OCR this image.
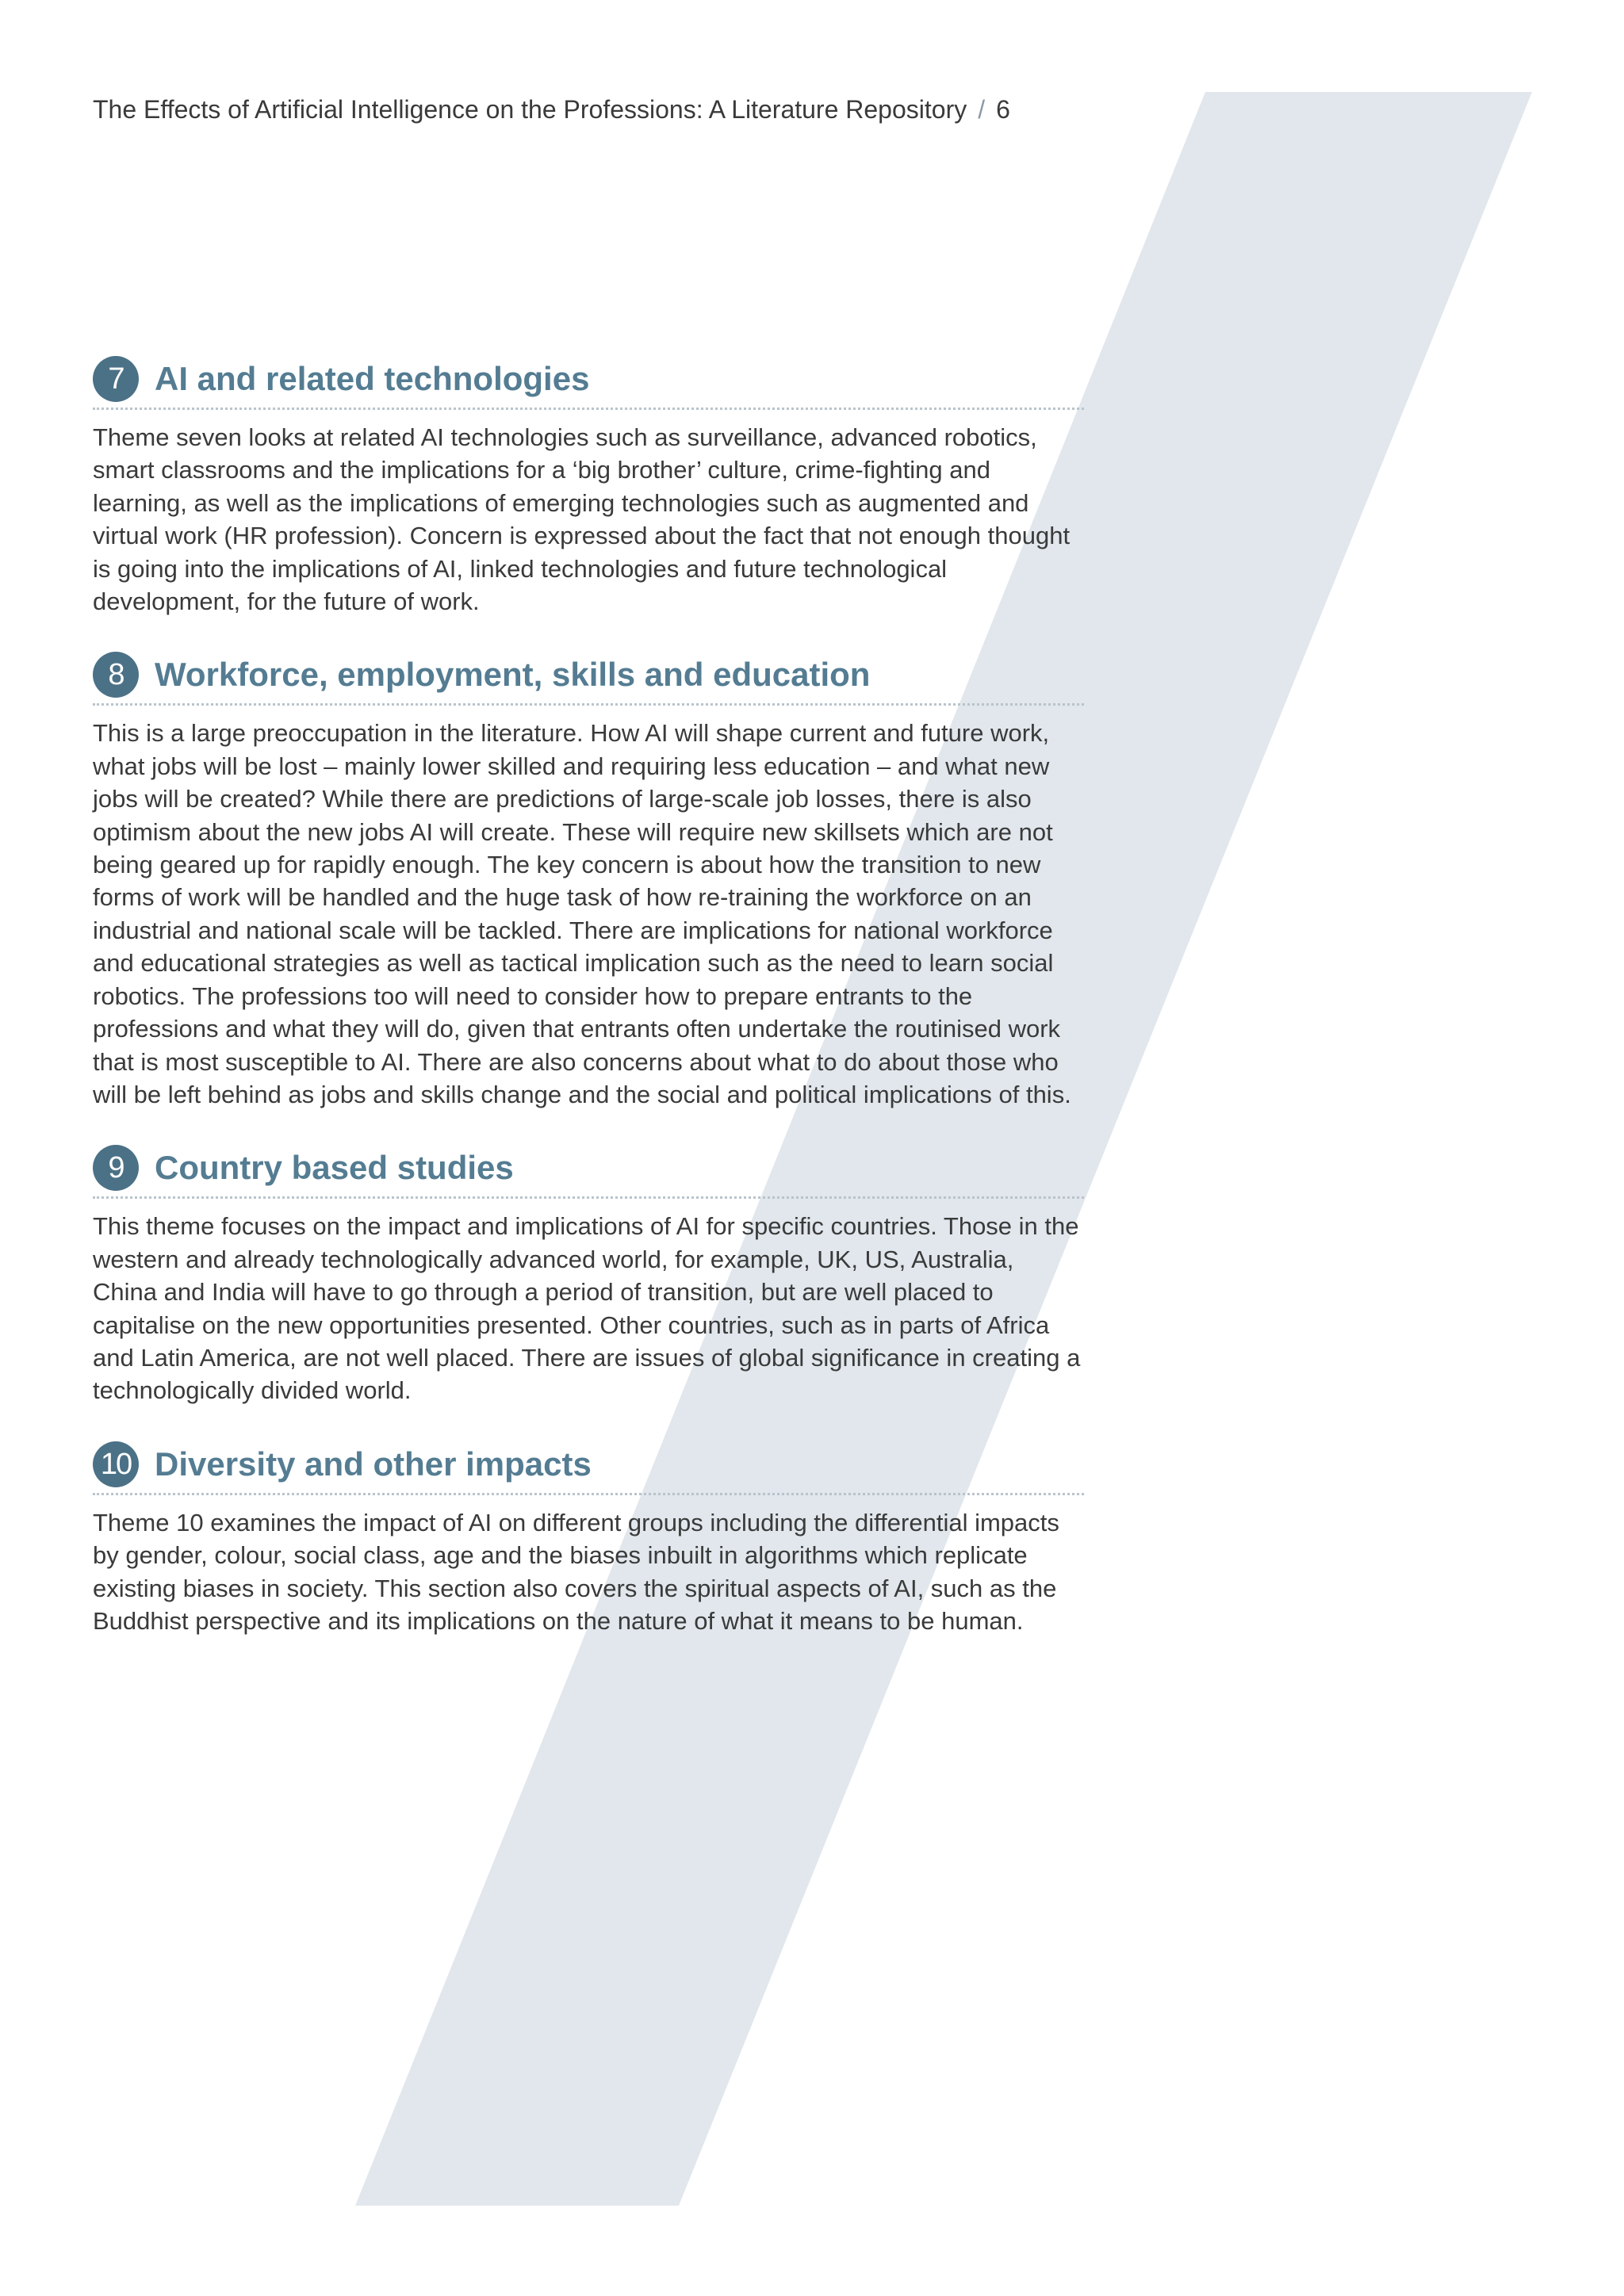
The Effects of Artificial Intelligence on the Professions: A Literature Repository / 6
7 AI and related technologies

Theme seven looks at related AI technologies such as surveillance, advanced robotics, smart classrooms and the implications for a ‘big brother’ culture, crime-fighting and learning, as well as the implications of emerging technologies such as augmented and virtual work (HR profession). Concern is expressed about the fact that not enough thought is going into the implications of AI, linked technologies and future technological development, for the future of work.

8 Workforce, employment, skills and education

This is a large preoccupation in the literature. How AI will shape current and future work, what jobs will be lost – mainly lower skilled and requiring less education – and what new jobs will be created? While there are predictions of large-scale job losses, there is also optimism about the new jobs AI will create. These will require new skillsets which are not being geared up for rapidly enough. The key concern is about how the transition to new forms of work will be handled and the huge task of how re-training the workforce on an industrial and national scale will be tackled. There are implications for national workforce and educational strategies as well as tactical implication such as the need to learn social robotics. The professions too will need to consider how to prepare entrants to the professions and what they will do, given that entrants often undertake the routinised work that is most susceptible to AI. There are also concerns about what to do about those who will be left behind as jobs and skills change and the social and political implications of this.

9 Country based studies

This theme focuses on the impact and implications of AI for specific countries. Those in the western and already technologically advanced world, for example, UK, US, Australia, China and India will have to go through a period of transition, but are well placed to capitalise on the new opportunities presented. Other countries, such as in parts of Africa and Latin America, are not well placed. There are issues of global significance in creating a technologically divided world.

10 Diversity and other impacts

Theme 10 examines the impact of AI on different groups including the differential impacts by gender, colour, social class, age and the biases inbuilt in algorithms which replicate existing biases in society. This section also covers the spiritual aspects of AI, such as the Buddhist perspective and its implications on the nature of what it means to be human.
